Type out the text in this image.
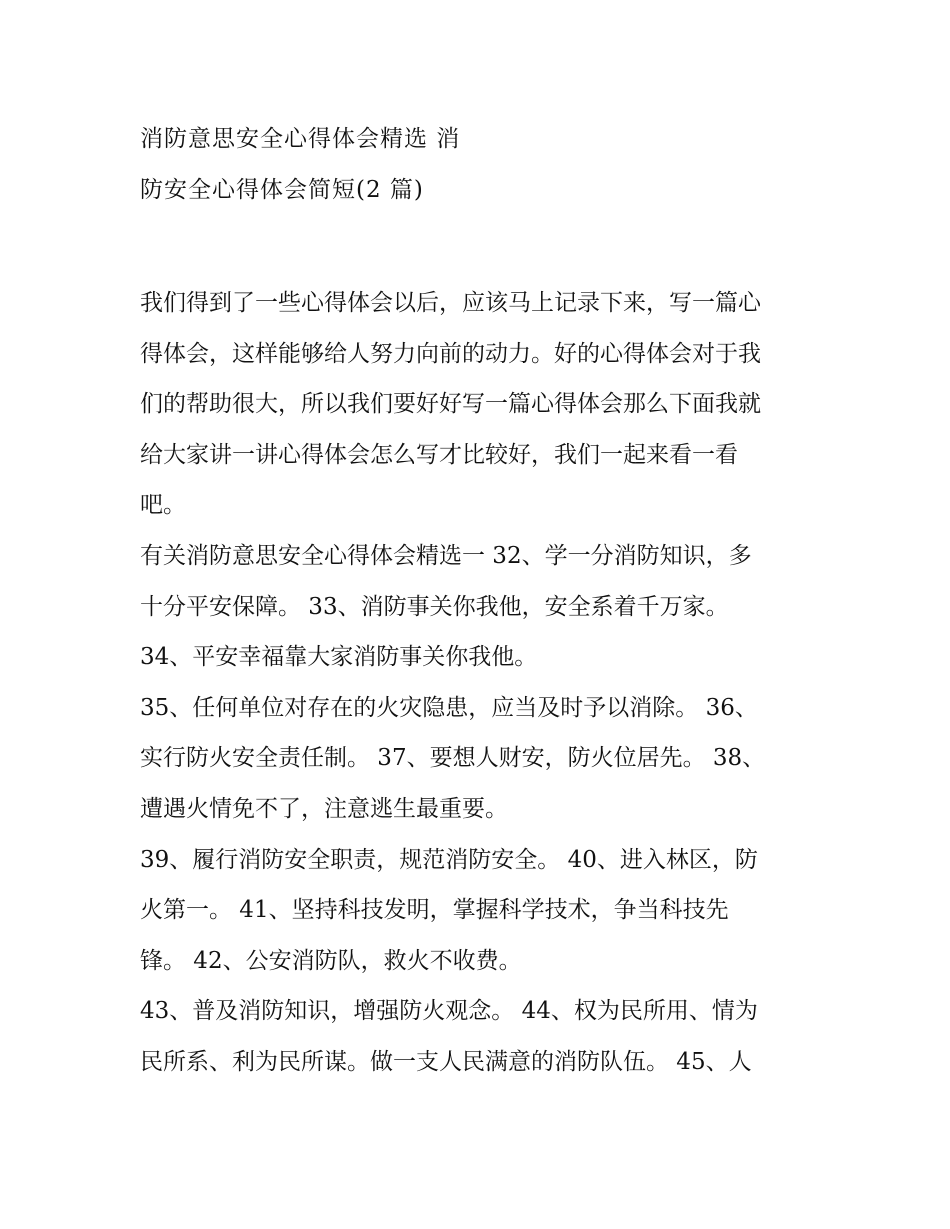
消防意思安全心得体会精选 消
防安全心得体会简短(2 篇)
我们得到了一些心得体会以后，应该马上记录下来，写一篇心
得体会，这样能够给人努力向前的动力。好的心得体会对于我
们的帮助很大，所以我们要好好写一篇心得体会那么下面我就
给大家讲一讲心得体会怎么写才比较好，我们一起来看一看
吧。
有关消防意思安全心得体会精选一 32、学一分消防知识，多
十分平安保障。 33、消防事关你我他，安全系着千万家。
34、平安幸福靠大家消防事关你我他。
35、任何单位对存在的火灾隐患，应当及时予以消除。 36、
实行防火安全责任制。 37、要想人财安，防火位居先。 38、
遭遇火情免不了，注意逃生最重要。
39、履行消防安全职责，规范消防安全。 40、进入林区，防
火第一。 41、坚持科技发明，掌握科学技术，争当科技先
锋。 42、公安消防队，救火不收费。
43、普及消防知识，增强防火观念。 44、权为民所用、情为
民所系、利为民所谋。做一支人民满意的消防队伍。 45、人
